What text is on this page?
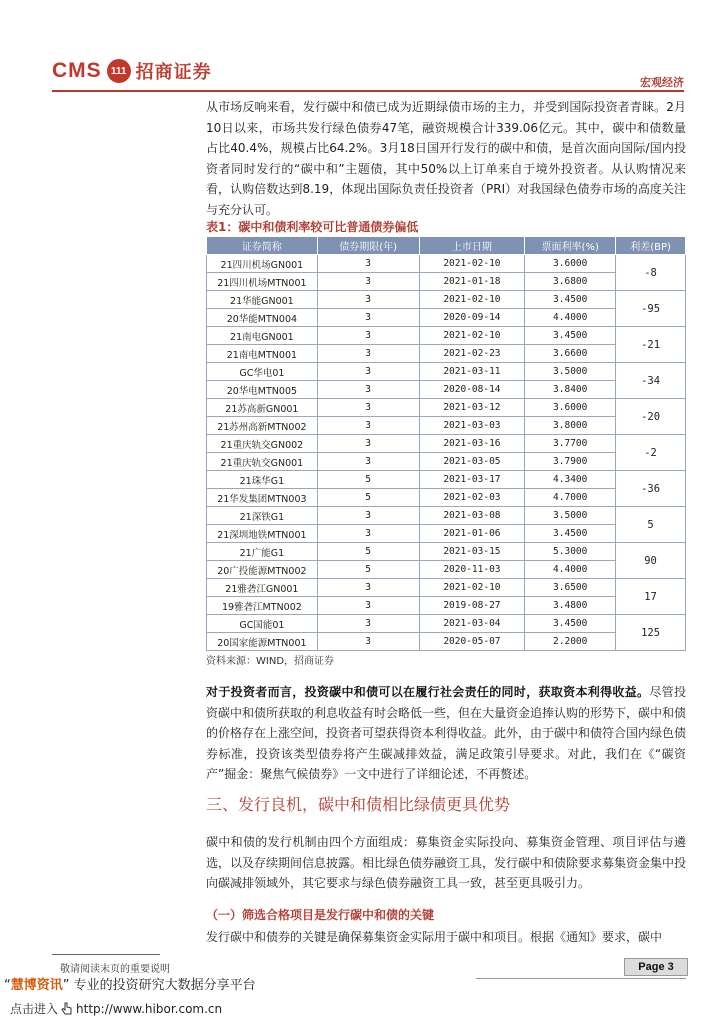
CMS 111 招商证券	宏观经济

从市场反响来看，发行碳中和债已成为近期绿债市场的主力，并受到国际投资者青睐。2月10日以来，市场共发行绿色债券47笔，融资规模合计339.06亿元。其中，碳中和债数量占比40.4%，规模占比64.2%。3月18日国开行发行的碳中和债，是首次面向国际/国内投资者同时发行的“碳中和”主题债，其中50%以上订单来自于境外投资者。从认购情况来看，认购倍数达到8.19，体现出国际负责任投资者（PRI）对我国绿色债券市场的高度关注与充分认可。

表1：碳中和债利率较可比普通债券偏低
证券简称	债券期限(年)	上市日期	票面利率(%)	利差(BP)
21四川机场GN001	3	2021-02-10	3.6000	-8
21四川机场MTN001	3	2021-01-18	3.6800	
21华能GN001	3	2021-02-10	3.4500	-95
20华能MTN004	3	2020-09-14	4.4000	
21南电GN001	3	2021-02-10	3.4500	-21
21南电MTN001	3	2021-02-23	3.6600	
GC华电01	3	2021-03-11	3.5000	-34
20华电MTN005	3	2020-08-14	3.8400	
21苏高新GN001	3	2021-03-12	3.6000	-20
21苏州高新MTN002	3	2021-03-03	3.8000	
21重庆轨交GN002	3	2021-03-16	3.7700	-2
21重庆轨交GN001	3	2021-03-05	3.7900	
21珠华G1	5	2021-03-17	4.3400	-36
21华发集团MTN003	5	2021-02-03	4.7000	
21深铁G1	3	2021-03-08	3.5000	5
21深圳地铁MTN001	3	2021-01-06	3.4500	
21广能G1	5	2021-03-15	5.3000	90
20广投能源MTN002	5	2020-11-03	4.4000	
21雅砻江GN001	3	2021-02-10	3.6500	17
19雅砻江MTN002	3	2019-08-27	3.4800	
GC国能01	3	2021-03-04	3.4500	125
20国家能源MTN001	3	2020-05-07	2.2000	
资料来源：WIND，招商证券

对于投资者而言，投资碳中和债可以在履行社会责任的同时，获取资本利得收益。尽管投资碳中和债所获取的利息收益有时会略低一些，但在大量资金追捧认购的形势下，碳中和债的价格存在上涨空间，投资者可望获得资本利得收益。此外，由于碳中和债符合国内绿色债券标准，投资该类型债券将产生碳减排效益，满足政策引导要求。对此，我们在《“碳资产”掘金：聚焦气候债券》一文中进行了详细论述，不再赘述。

三、发行良机，碳中和债相比绿债更具优势

碳中和债的发行机制由四个方面组成：募集资金实际投向、募集资金管理、项目评估与遴选，以及存续期间信息披露。相比绿色债券融资工具，发行碳中和债除要求募集资金集中投向碳减排领域外，其它要求与绿色债券融资工具一致，甚至更具吸引力。

（一）筛选合格项目是发行碳中和债的关键

发行碳中和债券的关键是确保募集资金实际用于碳中和项目。根据《通知》要求，碳中

敬请阅读末页的重要说明	Page 3
“慧博资讯” 专业的投资研究大数据分享平台
点击进入 http://www.hibor.com.cn
